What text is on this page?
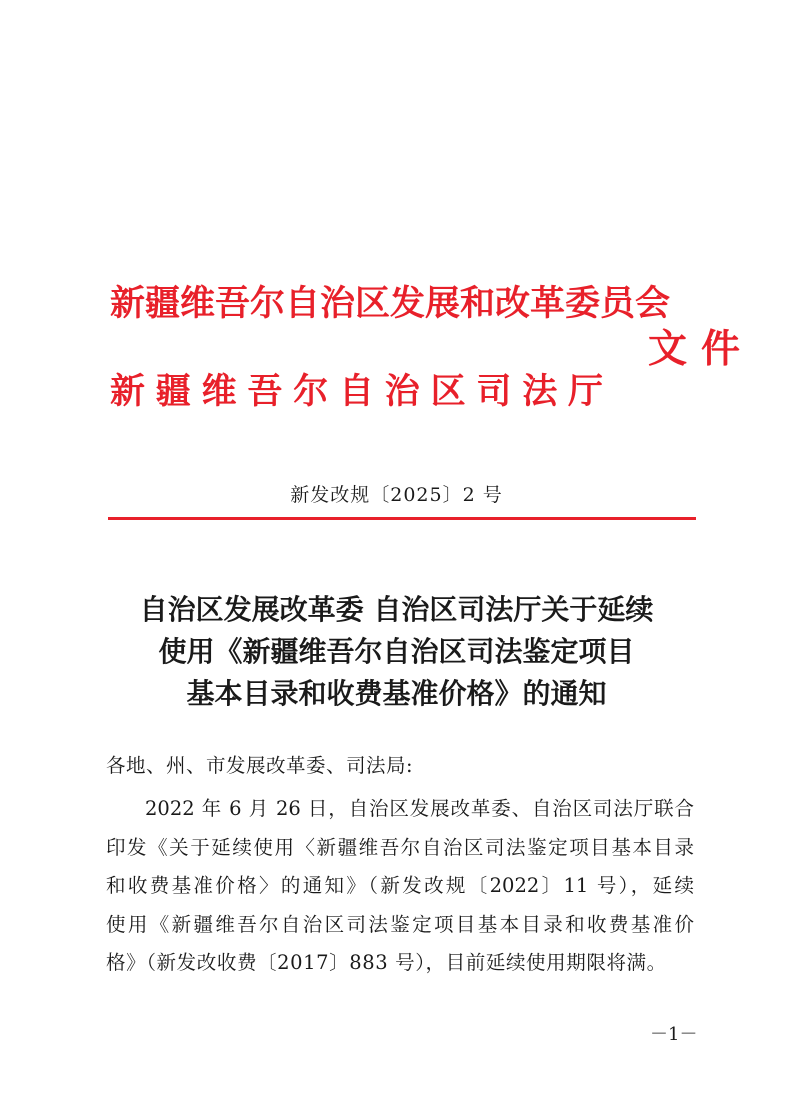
新疆维吾尔自治区发展和改革委员会
新疆维吾尔自治区司法厅
文件
新发改规〔2025〕2 号
自治区发展改革委 自治区司法厅关于延续
使用《新疆维吾尔自治区司法鉴定项目
基本目录和收费基准价格》的通知
各地、州、市发展改革委、司法局:
2022 年 6 月 26 日，自治区发展改革委、自治区司法厅联合
印发《关于延续使用〈新疆维吾尔自治区司法鉴定项目基本目录
和收费基准价格〉的通知》（新发改规〔2022〕11 号），延续
使用《新疆维吾尔自治区司法鉴定项目基本目录和收费基准价
格》（新发改收费〔2017〕883 号），目前延续使用期限将满。
－1－
